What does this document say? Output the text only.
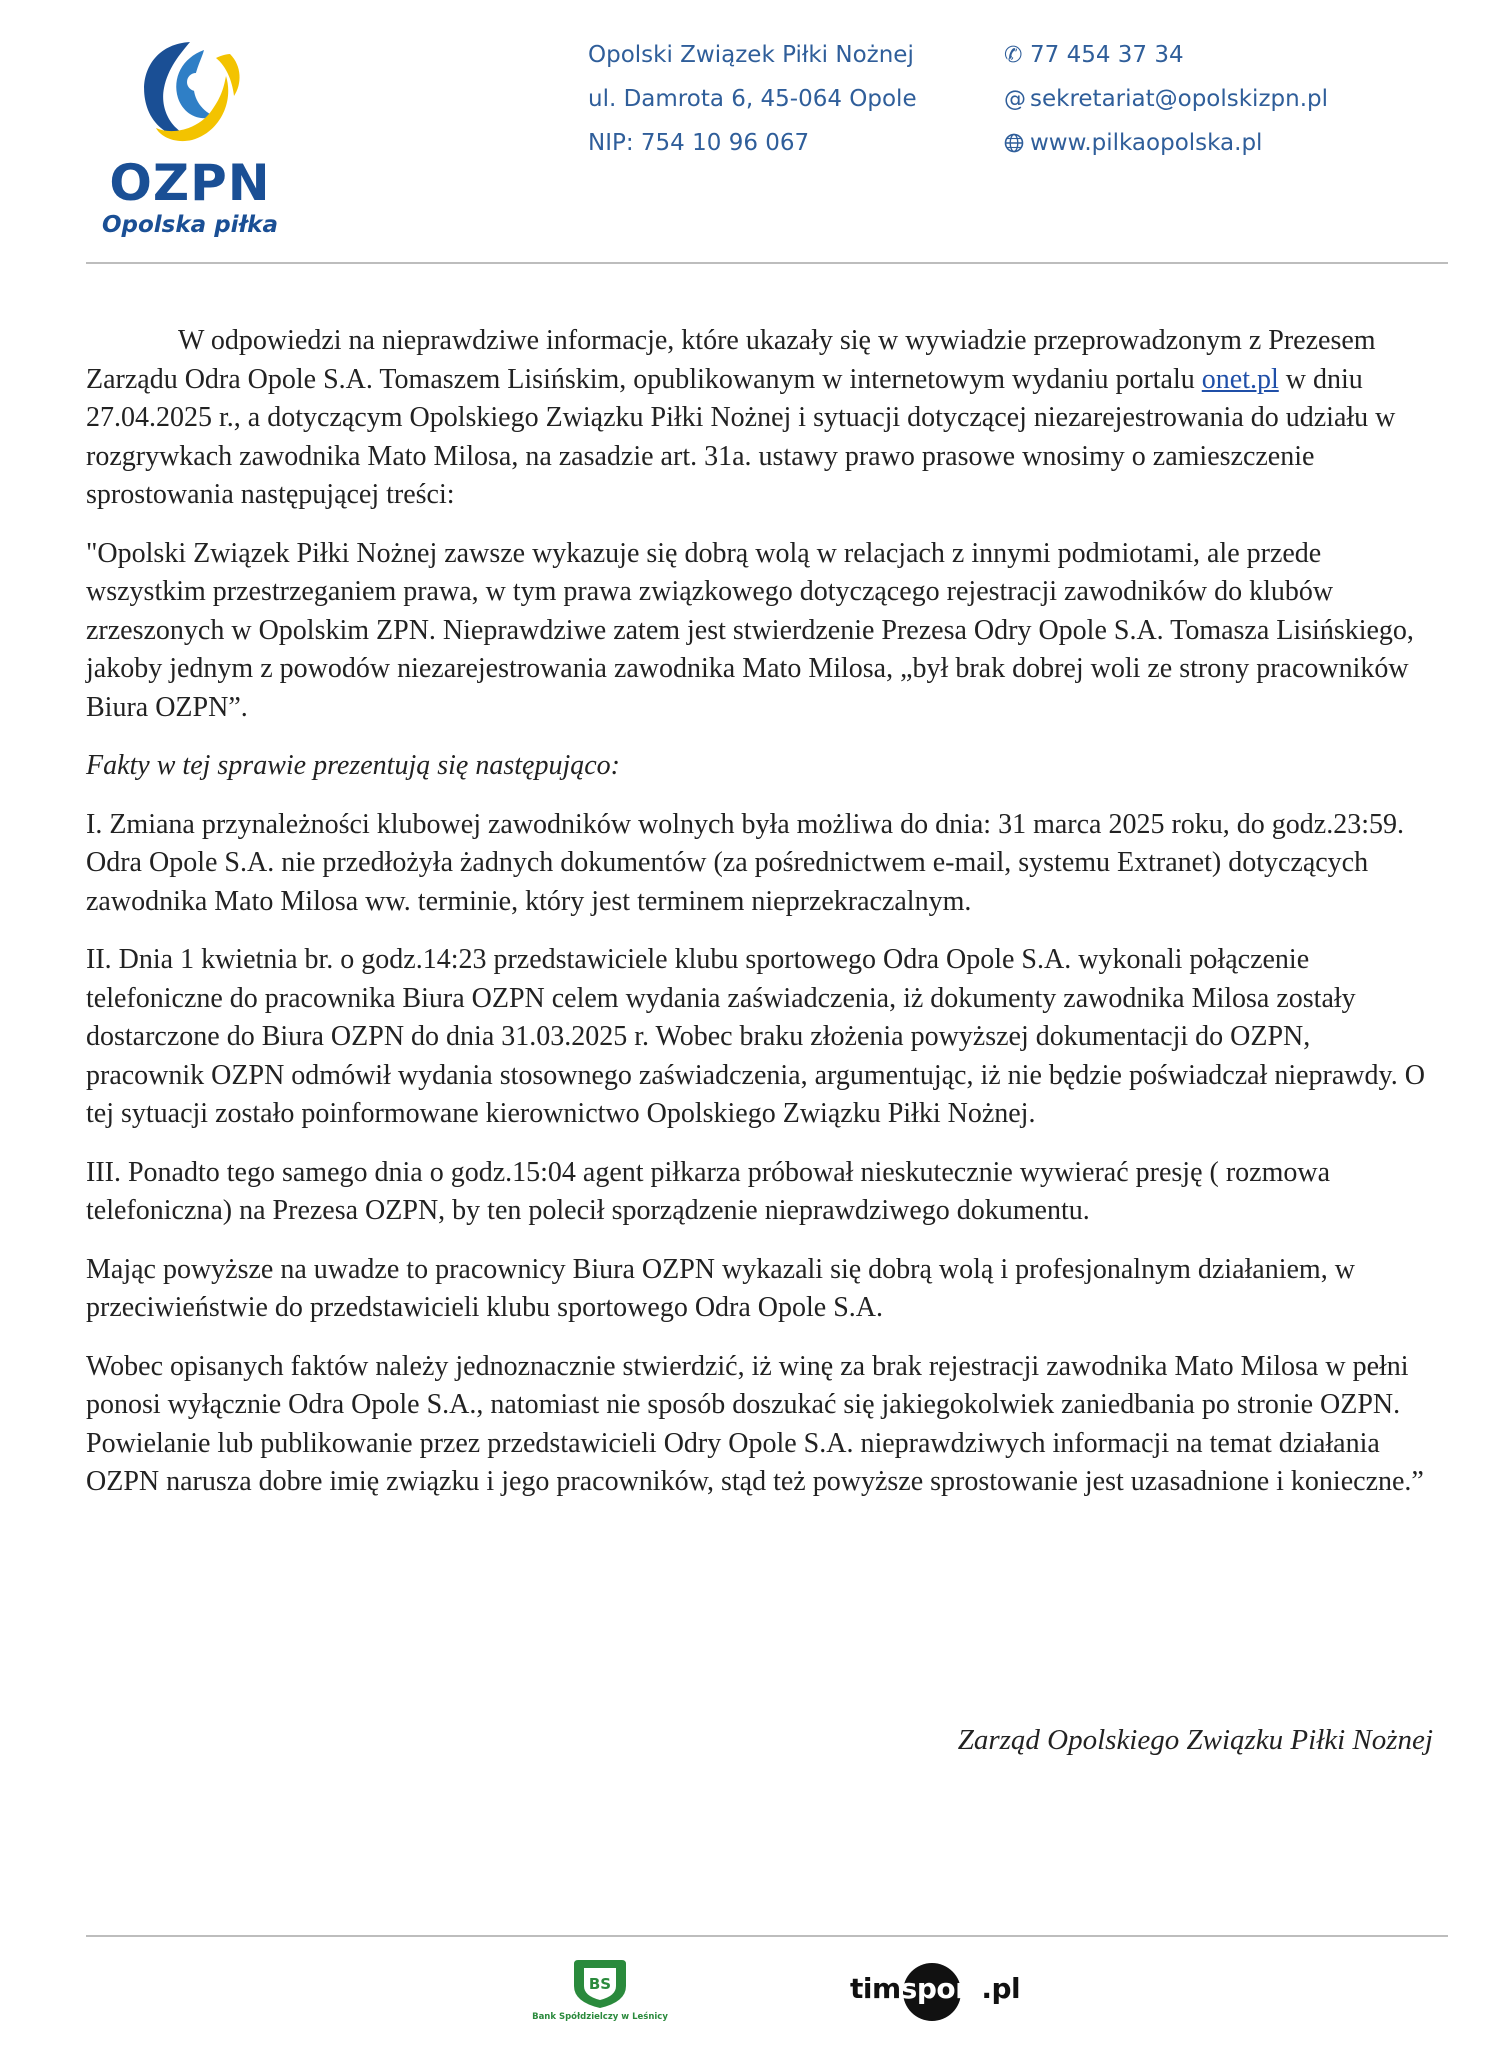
OZPN
Opolska piłka
Opolski Związek Piłki Nożnej
ul. Damrota 6, 45-064 Opole
NIP: 754 10 96 067
✆ 77 454 37 34
@ sekretariat@opolskizpn.pl
www.pilkaopolska.pl

W odpowiedzi na nieprawdziwe informacje, które ukazały się w wywiadzie przeprowadzonym z Prezesem Zarządu Odra Opole S.A. Tomaszem Lisińskim, opublikowanym w internetowym wydaniu portalu onet.pl w dniu 27.04.2025 r., a dotyczącym Opolskiego Związku Piłki Nożnej i sytuacji dotyczącej niezarejestrowania do udziału w rozgrywkach zawodnika Mato Milosa, na zasadzie art. 31a. ustawy prawo prasowe wnosimy o zamieszczenie sprostowania następującej treści:

"Opolski Związek Piłki Nożnej zawsze wykazuje się dobrą wolą w relacjach z innymi podmiotami, ale przede wszystkim przestrzeganiem prawa, w tym prawa związkowego dotyczącego rejestracji zawodników do klubów zrzeszonych w Opolskim ZPN. Nieprawdziwe zatem jest stwierdzenie Prezesa Odry Opole S.A. Tomasza Lisińskiego, jakoby jednym z powodów niezarejestrowania zawodnika Mato Milosa, „był brak dobrej woli ze strony pracowników Biura OZPN”.

Fakty w tej sprawie prezentują się następująco:

I. Zmiana przynależności klubowej zawodników wolnych była możliwa do dnia: 31 marca 2025 roku, do godz.23:59. Odra Opole S.A. nie przedłożyła żadnych dokumentów (za pośrednictwem e-mail, systemu Extranet) dotyczących zawodnika Mato Milosa ww. terminie, który jest terminem nieprzekraczalnym.

II. Dnia 1 kwietnia br. o godz.14:23 przedstawiciele klubu sportowego Odra Opole S.A. wykonali połączenie telefoniczne do pracownika Biura OZPN celem wydania zaświadczenia, iż dokumenty zawodnika Milosa zostały dostarczone do Biura OZPN do dnia 31.03.2025 r. Wobec braku złożenia powyższej dokumentacji do OZPN, pracownik OZPN odmówił wydania stosownego zaświadczenia, argumentując, iż nie będzie poświadczał nieprawdy. O tej sytuacji zostało poinformowane kierownictwo Opolskiego Związku Piłki Nożnej.

III. Ponadto tego samego dnia o godz.15:04 agent piłkarza próbował nieskutecznie wywierać presję ( rozmowa telefoniczna) na Prezesa OZPN, by ten polecił sporządzenie nieprawdziwego dokumentu.

Mając powyższe na uwadze to pracownicy Biura OZPN wykazali się dobrą wolą i profesjonalnym działaniem, w przeciwieństwie do przedstawicieli klubu sportowego Odra Opole S.A.

Wobec opisanych faktów należy jednoznacznie stwierdzić, iż winę za brak rejestracji zawodnika Mato Milosa w pełni ponosi wyłącznie Odra Opole S.A., natomiast nie sposób doszukać się jakiegokolwiek zaniedbania po stronie OZPN. Powielanie lub publikowanie przez przedstawicieli Odry Opole S.A. nieprawdziwych informacji na temat działania OZPN narusza dobre imię związku i jego pracowników, stąd też powyższe sprostowanie jest uzasadnione i konieczne.”

Zarząd Opolskiego Związku Piłki Nożnej
BS
Bank Spółdzielczy w Leśnicy
timsport.pl
